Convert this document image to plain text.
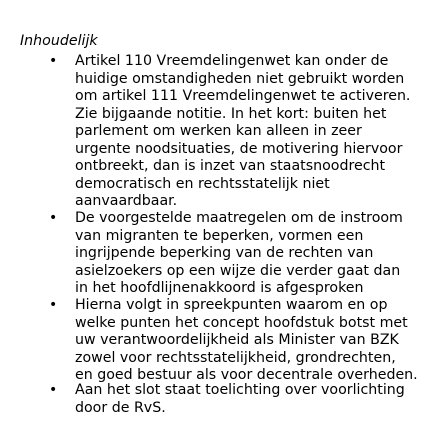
Inhoudelijk
• Artikel 110 Vreemdelingenwet kan onder de
huidige omstandigheden niet gebruikt worden
om artikel 111 Vreemdelingenwet te activeren.
Zie bijgaande notitie. In het kort: buiten het
parlement om werken kan alleen in zeer
urgente noodsituaties, de motivering hiervoor
ontbreekt, dan is inzet van staatsnoodrecht
democratisch en rechtsstatelijk niet
aanvaardbaar.
• De voorgestelde maatregelen om de instroom
van migranten te beperken, vormen een
ingrijpende beperking van de rechten van
asielzoekers op een wijze die verder gaat dan
in het hoofdlijnenakkoord is afgesproken
• Hierna volgt in spreekpunten waarom en op
welke punten het concept hoofdstuk botst met
uw verantwoordelijkheid als Minister van BZK
zowel voor rechtsstatelijkheid, grondrechten,
en goed bestuur als voor decentrale overheden.
• Aan het slot staat toelichting over voorlichting
door de RvS.
